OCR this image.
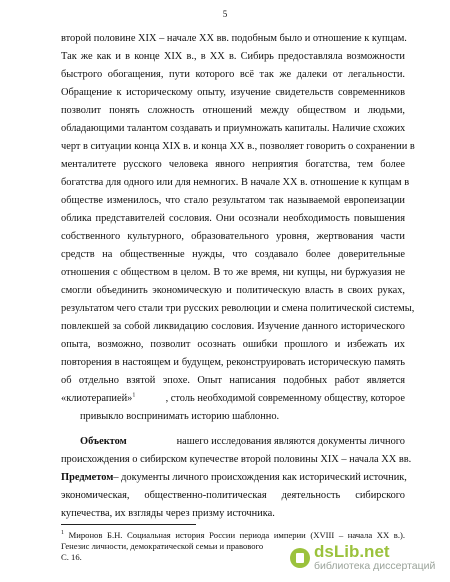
5
второй половине XIX – начале XX вв. подобным было и отношение к купцам.
Так же как и в конце XIX в., в XX в. Сибирь предоставляла возможности
быстрого обогащения, пути которого всё так же далеки от легальности.
Обращение к историческому опыту, изучение свидетельств современников
позволит понять сложность отношений между обществом и людьми,
обладающими талантом создавать и приумножать капиталы. Наличие схожих
черт в ситуации конца XIX в. и конца XX в., позволяет говорить о сохранении в
менталитете русского человека явного неприятия богатства, тем более
богатства для одного или для немногих. В начале XX в. отношение к купцам в
обществе изменилось, что стало результатом так называемой европеизации
облика представителей сословия. Они осознали необходимость повышения
собственного культурного, образовательного уровня, жертвования части
средств на общественные нужды, что создавало более доверительные
отношения с обществом в целом. В то же время, ни купцы, ни буржуазия не
смогли объединить экономическую и политическую власть в своих руках,
результатом чего стали три русских революции и смена политической системы,
повлекшей за собой ликвидацию сословия. Изучение данного исторического
опыта, возможно, позволит осознать ошибки прошлого и избежать их
повторения в настоящем и будущем, реконструировать историческую память
об отдельно взятой эпохе. Опыт написания подобных работ является
«клиотерапией»$^1$	, столь необходимой современному обществу, которое
привыкло воспринимать историю шаблонно.
Объектом	нашего исследования являются документы личного
происхождения о сибирском купечестве второй половины XIX – начала XX вв.
Предметом – документы личного происхождения как исторический источник,
экономическая, общественно-политическая деятельность сибирского
купечества, их взгляды через призму источника.
$^1$ Миронов Б.Н. Социальная история России периода империи (XVIII – начала XX в.).
Генезис личности, демократической семьи и правового
С. 16.	dsLib.net
библиотека диссертаций
